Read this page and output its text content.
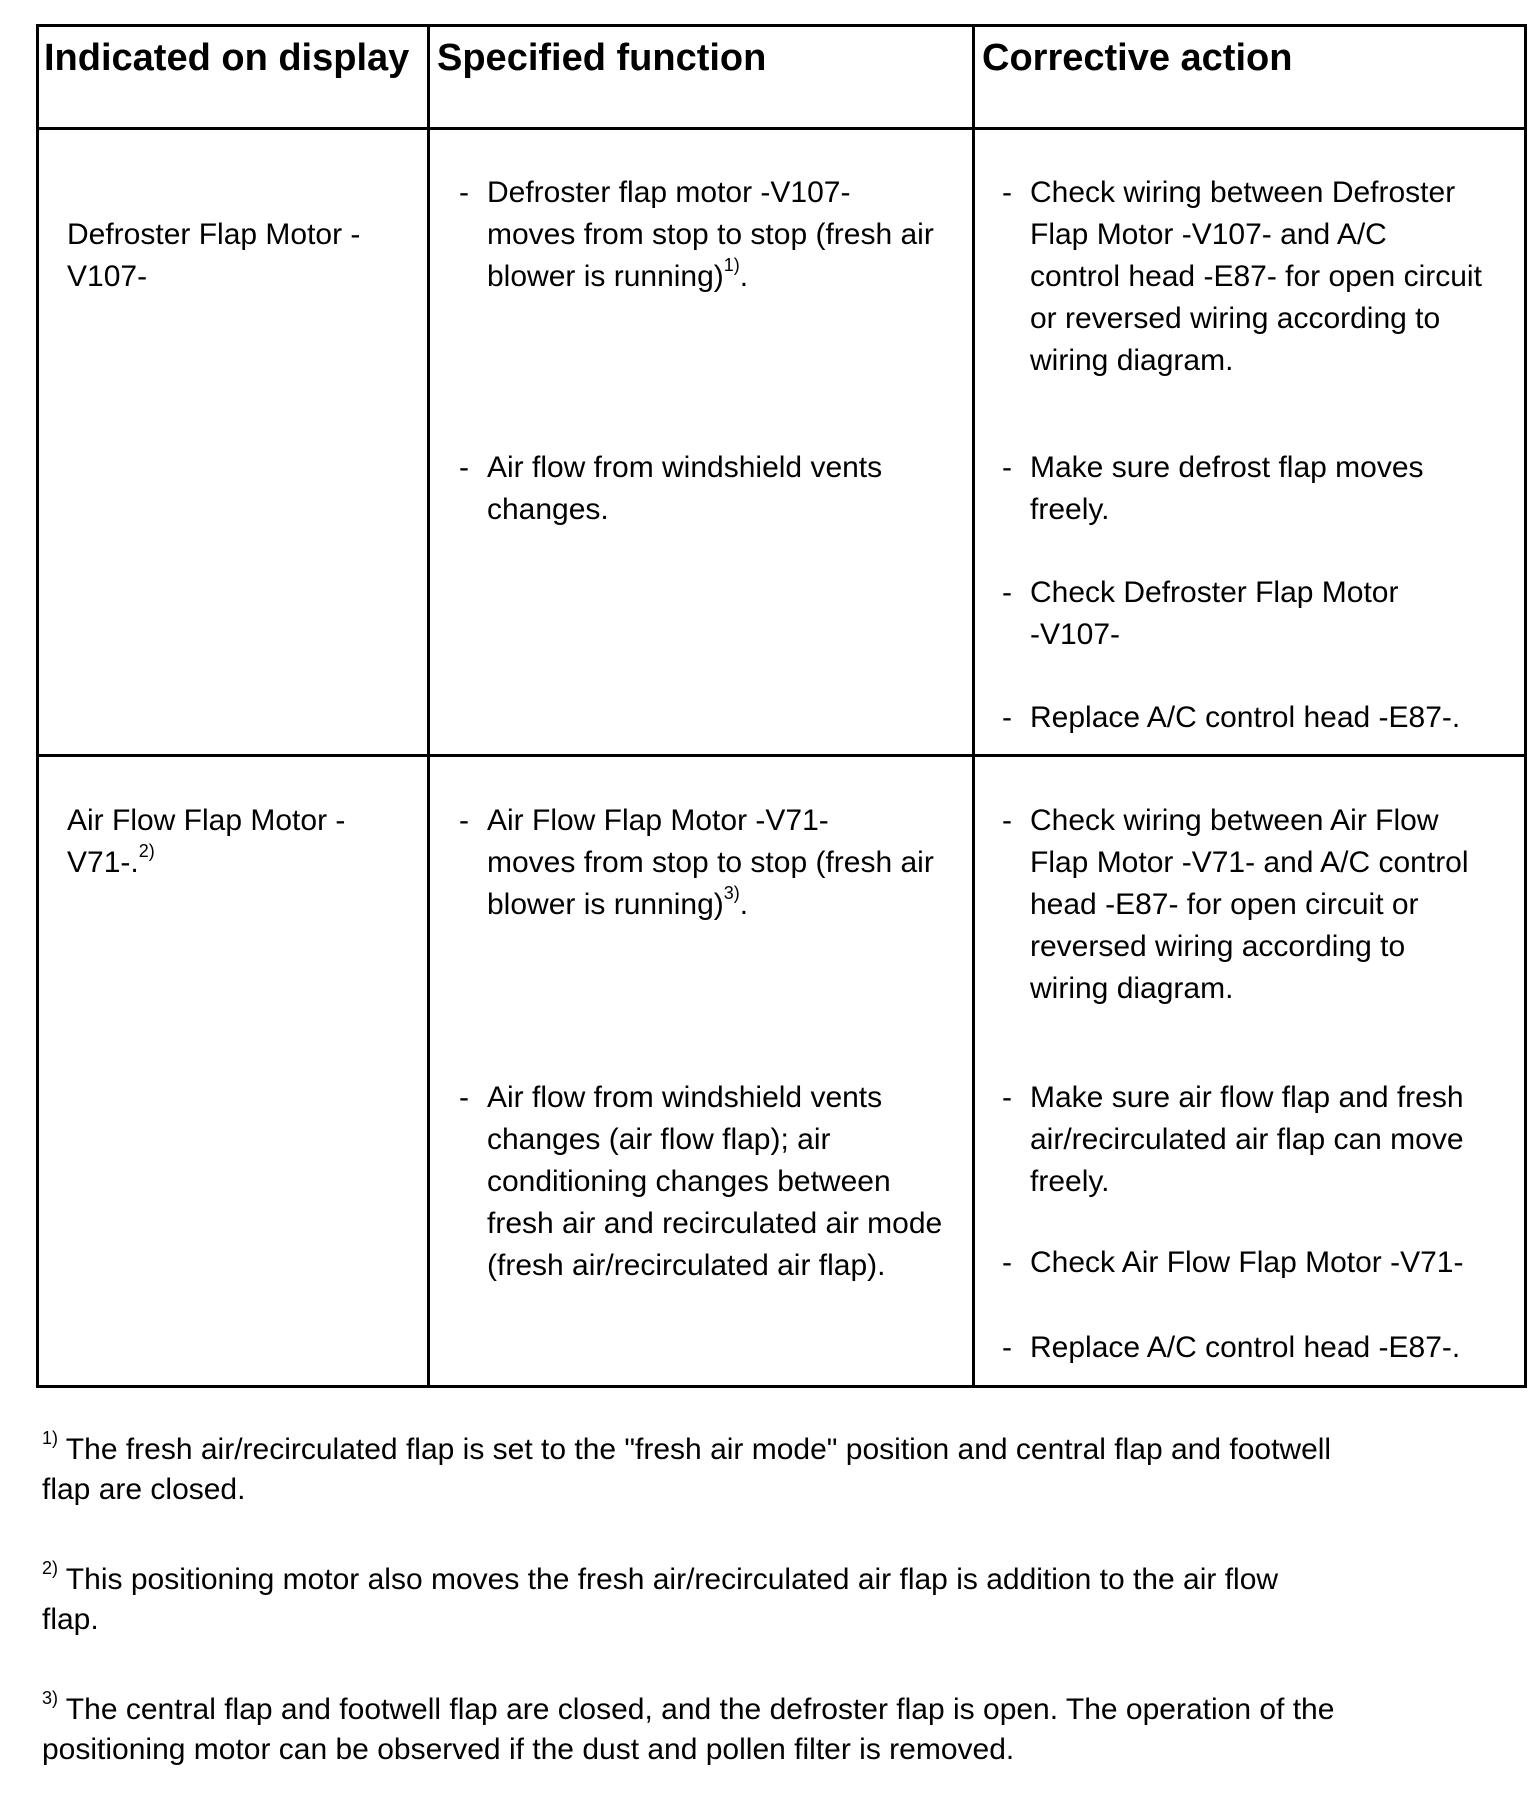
Indicated on display Specified function	Corrective action

Defroster Flap Motor -
V107-

- Defroster flap motor -V107-
moves from stop to stop (fresh air
blower is running)$^{1)}$.
- Air flow from windshield vents
changes.
- Check wiring between Defroster
Flap Motor -V107- and A/C
control head -E87- for open circuit
or reversed wiring according to
wiring diagram.
- Make sure defrost flap moves
freely.
- Check Defroster Flap Motor
-V107-
- Replace A/C control head -E87-.
Air Flow Flap Motor -
V71-.$^{2)}$
- Air Flow Flap Motor -V71-
moves from stop to stop (fresh air
blower is running)$^{3)}$.
- Air flow from windshield vents
changes (air flow flap); air
conditioning changes between
fresh air and recirculated air mode
(fresh air/recirculated air flap).
- Check wiring between Air Flow
Flap Motor -V71- and A/C control
head -E87- for open circuit or
reversed wiring according to
wiring diagram.
- Make sure air flow flap and fresh
air/recirculated air flap can move
freely.
- Check Air Flow Flap Motor -V71-
- Replace A/C control head -E87-.

$^{1)}$ The fresh air/recirculated flap is set to the "fresh air mode" position and central flap and footwell
flap are closed.

$^{2)}$ This positioning motor also moves the fresh air/recirculated air flap is addition to the air flow
flap.

$^{3)}$ The central flap and footwell flap are closed, and the defroster flap is open. The operation of the
positioning motor can be observed if the dust and pollen filter is removed.
